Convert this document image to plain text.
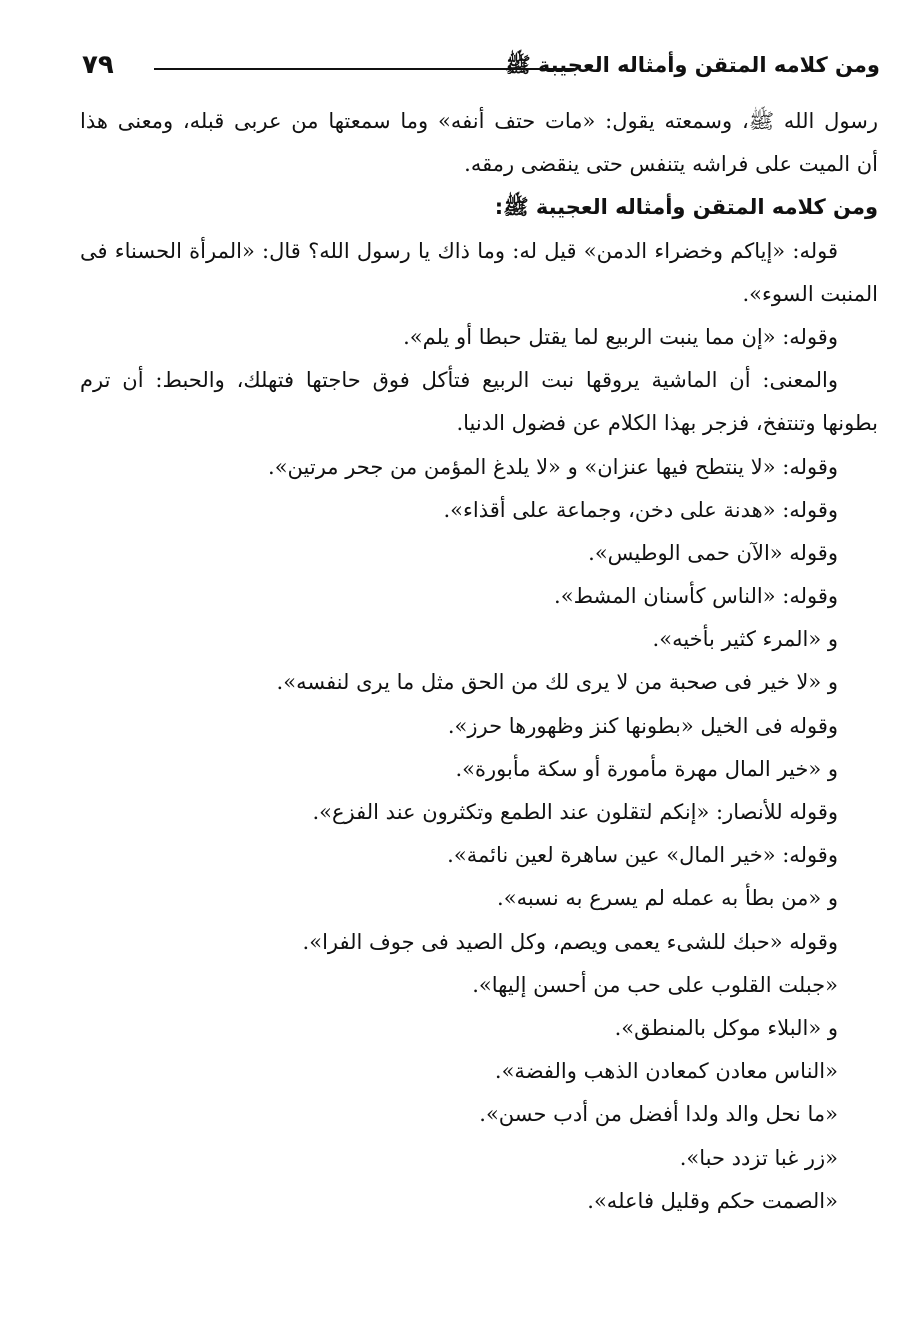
٧٩	ومن كلامه المتقن وأمثاله العجيبة ﷺ
رسول الله ﷺ، وسمعته يقول: «مات حتف أنفه» وما سمعتها من عربى قبله، ومعنى هذا
أن الميت على فراشه يتنفس حتى ينقضى رمقه.
ومن كلامه المتقن وأمثاله العجيبة ﷺ:
قوله: «إياكم وخضراء الدمن» قيل له: وما ذاك يا رسول الله؟ قال: «المرأة الحسناء فى
المنبت السوء».
وقوله: «إن مما ينبت الربيع لما يقتل حبطا أو يلم».
والمعنى: أن الماشية يروقها نبت الربيع فتأكل فوق حاجتها فتهلك، والحبط: أن ترم
بطونها وتنتفخ، فزجر بهذا الكلام عن فضول الدنيا.
وقوله: «لا ينتطح فيها عنزان» و «لا يلدغ المؤمن من جحر مرتين».
وقوله: «هدنة على دخن، وجماعة على أقذاء».
وقوله «الآن حمى الوطيس».
وقوله: «الناس كأسنان المشط».
و «المرء كثير بأخيه».
و «لا خير فى صحبة من لا يرى لك من الحق مثل ما يرى لنفسه».
وقوله فى الخيل «بطونها كنز وظهورها حرز».
و «خير المال مهرة مأمورة أو سكة مأبورة».
وقوله للأنصار: «إنكم لتقلون عند الطمع وتكثرون عند الفزع».
وقوله: «خير المال» عين ساهرة لعين نائمة».
و «من بطأ به عمله لم يسرع به نسبه».
وقوله «حبك للشىء يعمى ويصم، وكل الصيد فى جوف الفرا».
«جبلت القلوب على حب من أحسن إليها».
و «البلاء موكل بالمنطق».
«الناس معادن كمعادن الذهب والفضة».
«ما نحل والد ولدا أفضل من أدب حسن».
«زر غبا تزدد حبا».
«الصمت حكم وقليل فاعله».
